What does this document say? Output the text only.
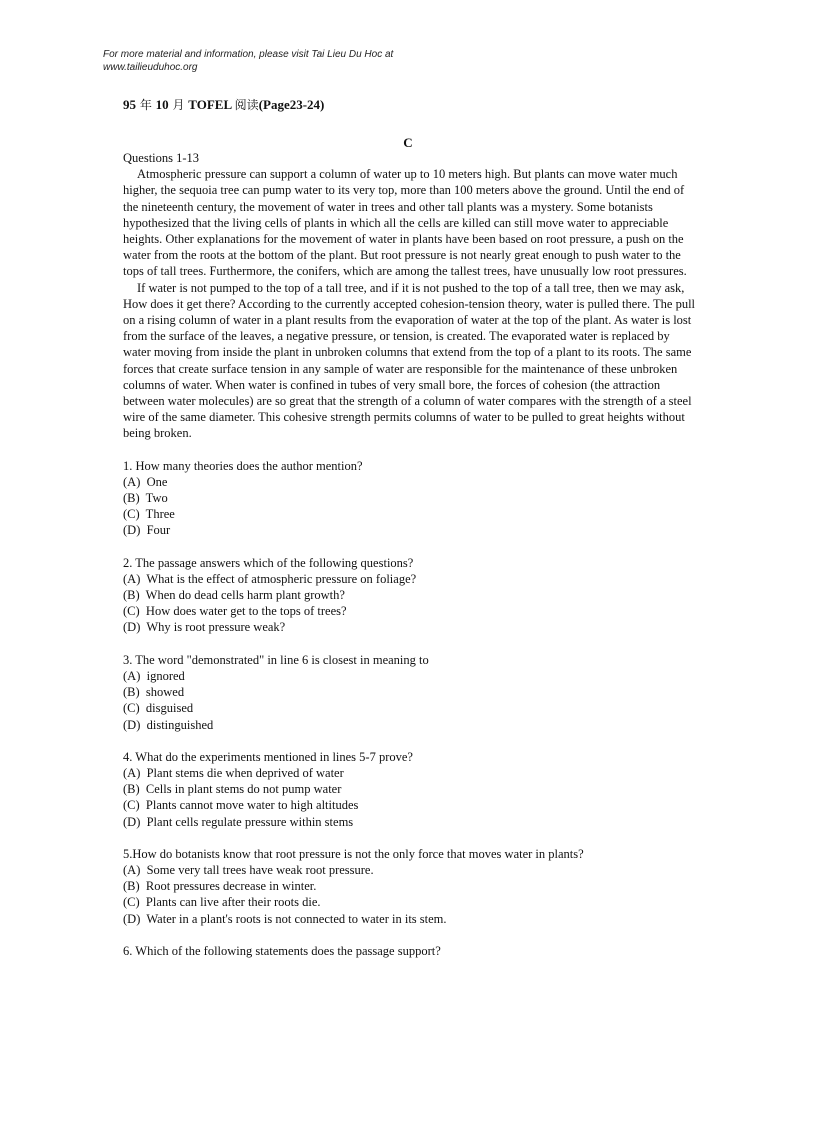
For more material and information, please visit Tai Lieu Du Hoc at
www.tailieuduhoc.org
95 年 10 月 TOFEL 阅读(Page23-24)
C

Questions 1-13

Atmospheric pressure can support a column of water up to 10 meters high. But plants can move water much higher, the sequoia tree can pump water to its very top, more than 100 meters above the ground. Until the end of the nineteenth century, the movement of water in trees and other tall plants was a mystery. Some botanists hypothesized that the living cells of plants in which all the cells are killed can still move water to appreciable heights. Other explanations for the movement of water in plants have been based on root pressure, a push on the water from the roots at the bottom of the plant. But root pressure is not nearly great enough to push water to the tops of tall trees. Furthermore, the conifers, which are among the tallest trees, have unusually low root pressures.

If water is not pumped to the top of a tall tree, and if it is not pushed to the top of a tall tree, then we may ask, How does it get there? According to the currently accepted cohesion-tension theory, water is pulled there. The pull on a rising column of water in a plant results from the evaporation of water at the top of the plant. As water is lost from the surface of the leaves, a negative pressure, or tension, is created. The evaporated water is replaced by water moving from inside the plant in unbroken columns that extend from the top of a plant to its roots. The same forces that create surface tension in any sample of water are responsible for the maintenance of these unbroken columns of water. When water is confined in tubes of very small bore, the forces of cohesion (the attraction between water molecules) are so great that the strength of a column of water compares with the strength of a steel wire of the same diameter. This cohesive strength permits columns of water to be pulled to great heights without being broken.

1. How many theories does the author mention?

(A)  One

(B)  Two

(C)  Three

(D)  Four

2. The passage answers which of the following questions?

(A)  What is the effect of atmospheric pressure on foliage?

(B)  When do dead cells harm plant growth?

(C)  How does water get to the tops of trees?

(D)  Why is root pressure weak?

3. The word "demonstrated" in line 6 is closest in meaning to

(A)  ignored

(B)  showed

(C)  disguised

(D)  distinguished

4. What do the experiments mentioned in lines 5-7 prove?

(A)  Plant stems die when deprived of water

(B)  Cells in plant stems do not pump water

(C)  Plants cannot move water to high altitudes

(D)  Plant cells regulate pressure within stems

5.How do botanists know that root pressure is not the only force that moves water in plants?

(A)  Some very tall trees have weak root pressure.

(B)  Root pressures decrease in winter.

(C)  Plants can live after their roots die.

(D)  Water in a plant's roots is not connected to water in its stem.

6. Which of the following statements does the passage support?
